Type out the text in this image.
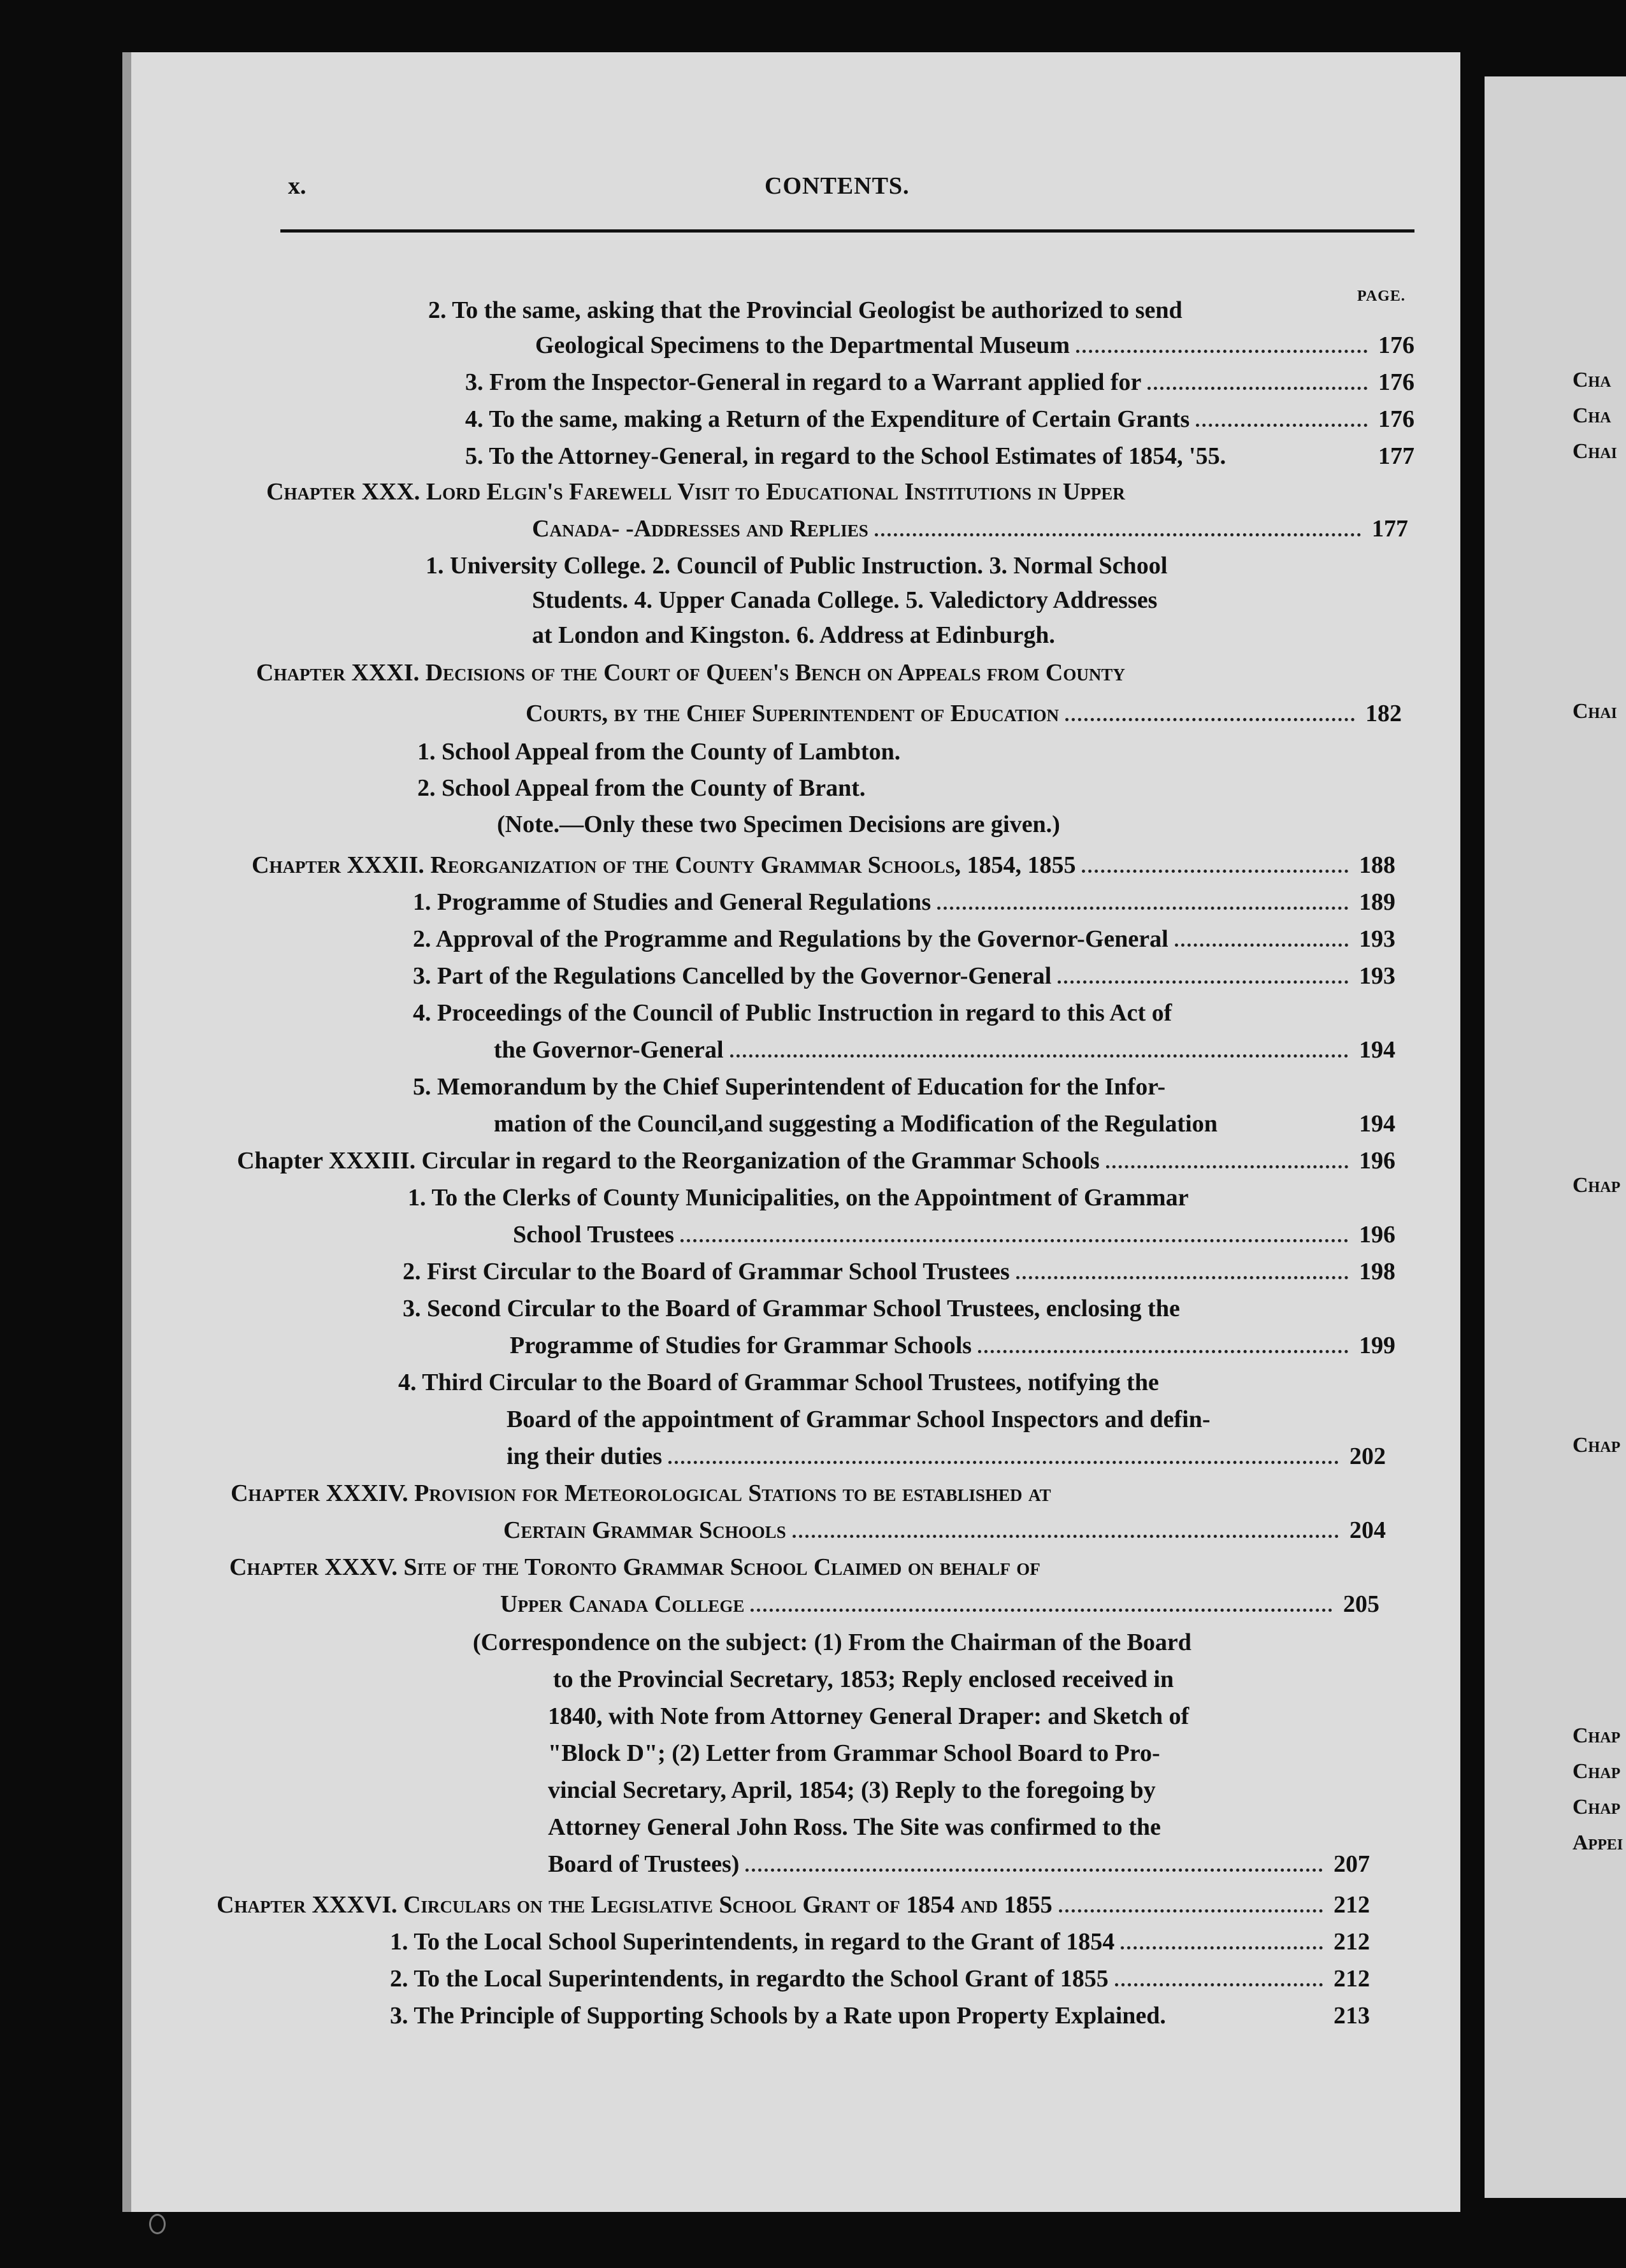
x.	CONTENTS.
PAGE.
2. To the same, asking that the Provincial Geologist be authorized to send
Geological Specimens to the Departmental Museum	176
3. From the Inspector-General in regard to a Warrant applied for	176
4. To the same, making a Return of the Expenditure of Certain Grants	176
5. To the Attorney-General, in regard to the School Estimates of 1854, '55.	177
Chapter XXX. Lord Elgin's Farewell Visit to Educational Institutions in Upper
Canada- -Addresses and Replies	177
1. University College. 2. Council of Public Instruction. 3. Normal School
Students. 4. Upper Canada College. 5. Valedictory Addresses
at London and Kingston. 6. Address at Edinburgh.
Chapter XXXI. Decisions of the Court of Queen's Bench on Appeals from County
Courts, by the Chief Superintendent of Education	182
1. School Appeal from the County of Lambton.
2. School Appeal from the County of Brant.
(Note.—Only these two Specimen Decisions are given.)
Chapter XXXII. Reorganization of the County Grammar Schools, 1854, 1855	188
1. Programme of Studies and General Regulations	189
2. Approval of the Programme and Regulations by the Governor-General	193
3. Part of the Regulations Cancelled by the Governor-General	193
4. Proceedings of the Council of Public Instruction in regard to this Act of
the Governor-General	194
5. Memorandum by the Chief Superintendent of Education for the Infor-
mation of the Council,and suggesting a Modification of the Regulation	194
Chapter XXXIII. Circular in regard to the Reorganization of the Grammar Schools	196
1. To the Clerks of County Municipalities, on the Appointment of Grammar
School Trustees	196
2. First Circular to the Board of Grammar School Trustees	198
3. Second Circular to the Board of Grammar School Trustees, enclosing the
Programme of Studies for Grammar Schools	199
4. Third Circular to the Board of Grammar School Trustees, notifying the
Board of the appointment of Grammar School Inspectors and defin-
ing their duties	202
Chapter XXXIV. Provision for Meteorological Stations to be established at
Certain Grammar Schools	204
Chapter XXXV. Site of the Toronto Grammar School Claimed on behalf of
Upper Canada College	205
(Correspondence on the subject: (1) From the Chairman of the Board
to the Provincial Secretary, 1853; Reply enclosed received in
1840, with Note from Attorney General Draper: and Sketch of
"Block D"; (2) Letter from Grammar School Board to Pro-
vincial Secretary, April, 1854; (3) Reply to the foregoing by
Attorney General John Ross. The Site was confirmed to the
Board of Trustees)	207
Chapter XXXVI. Circulars on the Legislative School Grant of 1854 and 1855	212
1. To the Local School Superintendents, in regard to the Grant of 1854	212
2. To the Local Superintendents, in regardto the School Grant of 1855	212
3. The Principle of Supporting Schools by a Rate upon Property Explained.	213
Cha
Cha
Chai
Chai
Chap
Chap
Chap
Chap
Chap
Appei
